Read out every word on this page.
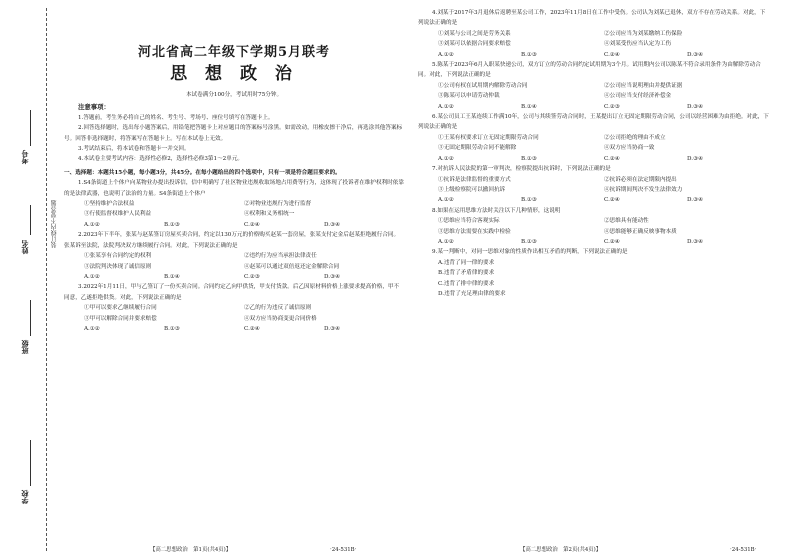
装订线内不要答题
考号
姓名
班级
学校
河北省高二年级下学期5月联考
思 想 政 治
本试卷满分100分，考试用时75分钟。
注意事项：
1.答题前，考生务必将自己的姓名、考生号、考场号、座位号填写在答题卡上。
2.回答选择题时，选出每小题答案后，用铅笔把答题卡上对应题目的答案标号涂黑。如需改动，用橡皮擦干净后，再选涂其他答案标号。回答非选择题时，将答案写在答题卡上。写在本试卷上无效。
3.考试结束后，将本试卷和答题卡一并交回。
4.本试卷主要考试内容：选择性必修2，选择性必修3第1～2单元。
一、选择题：本题共15小题，每小题3分，共45分。在每小题给出的四个选项中，只有一项是符合题目要求的。
1.S4条街道上个体户向某物业办提出投诉信，信中明确写了社区物业违规收取场地占用费等行为，这体现了投诉者在维护权利时依靠的是法律武器，也说明了法治的力量。S4条街道上个体户
①坚持维护合法权益	②对物业违规行为进行监督
③行使监督权维护人民利益	④权利和义务相统一
A.①②	B.①③	C.②④	D.③④
2.2023年下半年，张某与赵某签订房屋买卖合同，约定以130万元的价格购买赵某一套房屋，张某支付定金后赵某拒绝履行合同。张某诉至法院，法院判决双方继续履行合同。对此，下列说法正确的是
①张某享有合同约定的权利	②违约行为应当承担法律责任
③法院判决体现了诚信原则	④赵某可以通过双倍返还定金解除合同
A.①②	B.①④	C.②③	D.③④
3.2022年1月11日，甲与乙签订了一份买卖合同。合同约定乙向甲供货，甲支付货款。后乙因原材料价格上涨要求提高价格，甲不同意，乙遂拒绝供货。对此，下列说法正确的是
①甲可以要求乙继续履行合同	②乙的行为违反了诚信原则
③甲可以解除合同并要求赔偿	④双方应当协商变更合同价格
A.①②	B.①③	C.②④	D.③④
4.刘某于2017年3月退休后返聘至某公司工作，2023年11月8日在工作中受伤。公司认为刘某已退休，双方不存在劳动关系。对此，下列说法正确的是
①刘某与公司之间是劳务关系	②公司应当为刘某缴纳工伤保险
③刘某可以依据合同要求赔偿	④刘某受伤应当认定为工伤
A.①②	B.①③	C.②④	D.③④
5.陈某于2023年6月入职某快递公司，双方订立的劳动合同约定试用期为3个月。试用期内公司以陈某不符合录用条件为由解除劳动合同。对此，下列说法正确的是
①公司有权在试用期内解除劳动合同	②公司应当说明理由并提供证据
③陈某可以申请劳动仲裁	④公司应当支付经济补偿金
A.①②	B.①④	C.②③	D.③④
6.某公司员工王某连续工作满10年，公司与其续签劳动合同时，王某提出订立无固定期限劳动合同，公司以经营困难为由拒绝。对此，下列说法正确的是
①王某有权要求订立无固定期限劳动合同	②公司拒绝的理由不成立
③无固定期限劳动合同不能解除	④双方应当协商一致
A.①②	B.①③	C.②④	D.③④
7.对抗诉人民法院的第一审判决，检察院提出抗诉时，下列说法正确的是
①抗诉是法律监督的重要方式	②抗诉必须在法定期限内提出
③上级检察院可以撤回抗诉	④抗诉期间判决不发生法律效力
A.①②	B.①③	C.②④	D.③④
8.如果在运用思维方法时关注以下几种情形，这说明
①思维应当符合客观实际	②思维具有能动性
③思维方法需要在实践中检验	④思维能够正确反映事物本质
A.①②	B.①③	C.②④	D.③④
9.某一判断中，对同一思维对象的性质作出相互矛盾的判断，下列说法正确的是
A.违背了同一律的要求
B.违背了矛盾律的要求
C.违背了排中律的要求
D.违背了充足理由律的要求
【高二思想政治　第1页(共4页)】	·24-531B·	【高二思想政治　第2页(共4页)】	·24-531B·
